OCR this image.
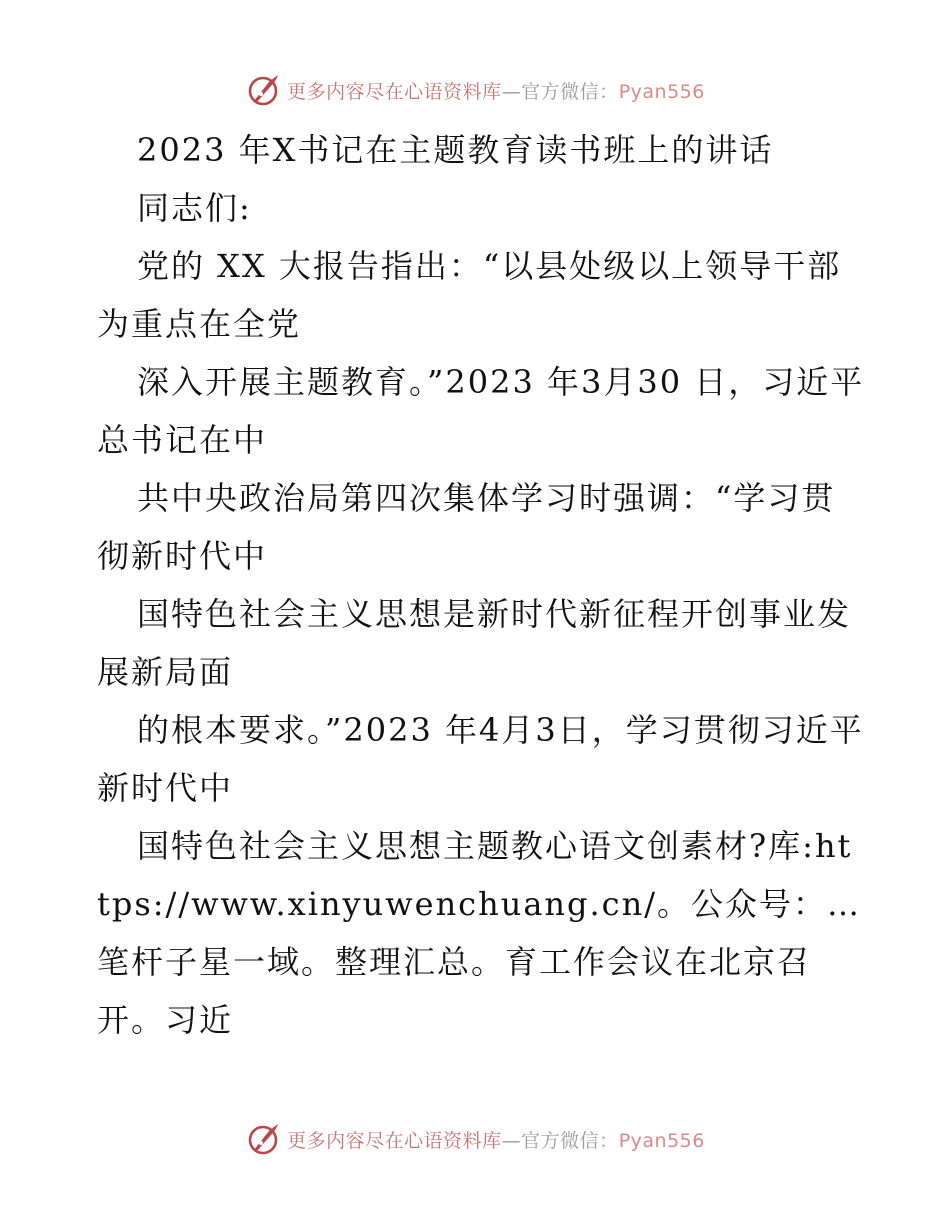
更多内容尽在心语资料库—官方微信：Pyan556

2023 年X书记在主题教育读书班上的讲话

同志们:

党的 XX 大报告指出：“以县处级以上领导干部为重点在全党

深入开展主题教育。”2023 年3月30 日，习近平总书记在中

共中央政治局第四次集体学习时强调：“学习贯彻新时代中

国特色社会主义思想是新时代新征程开创事业发展新局面

的根本要求。”2023 年4月3日，学习贯彻习近平新时代中

国特色社会主义思想主题教心语文创素材?库:https://www.xinyuwenchuang.cn/。公众号：…笔杆子星一域。整理汇总。育工作会议在北京召开。习近

更多内容尽在心语资料库—官方微信：Pyan556
